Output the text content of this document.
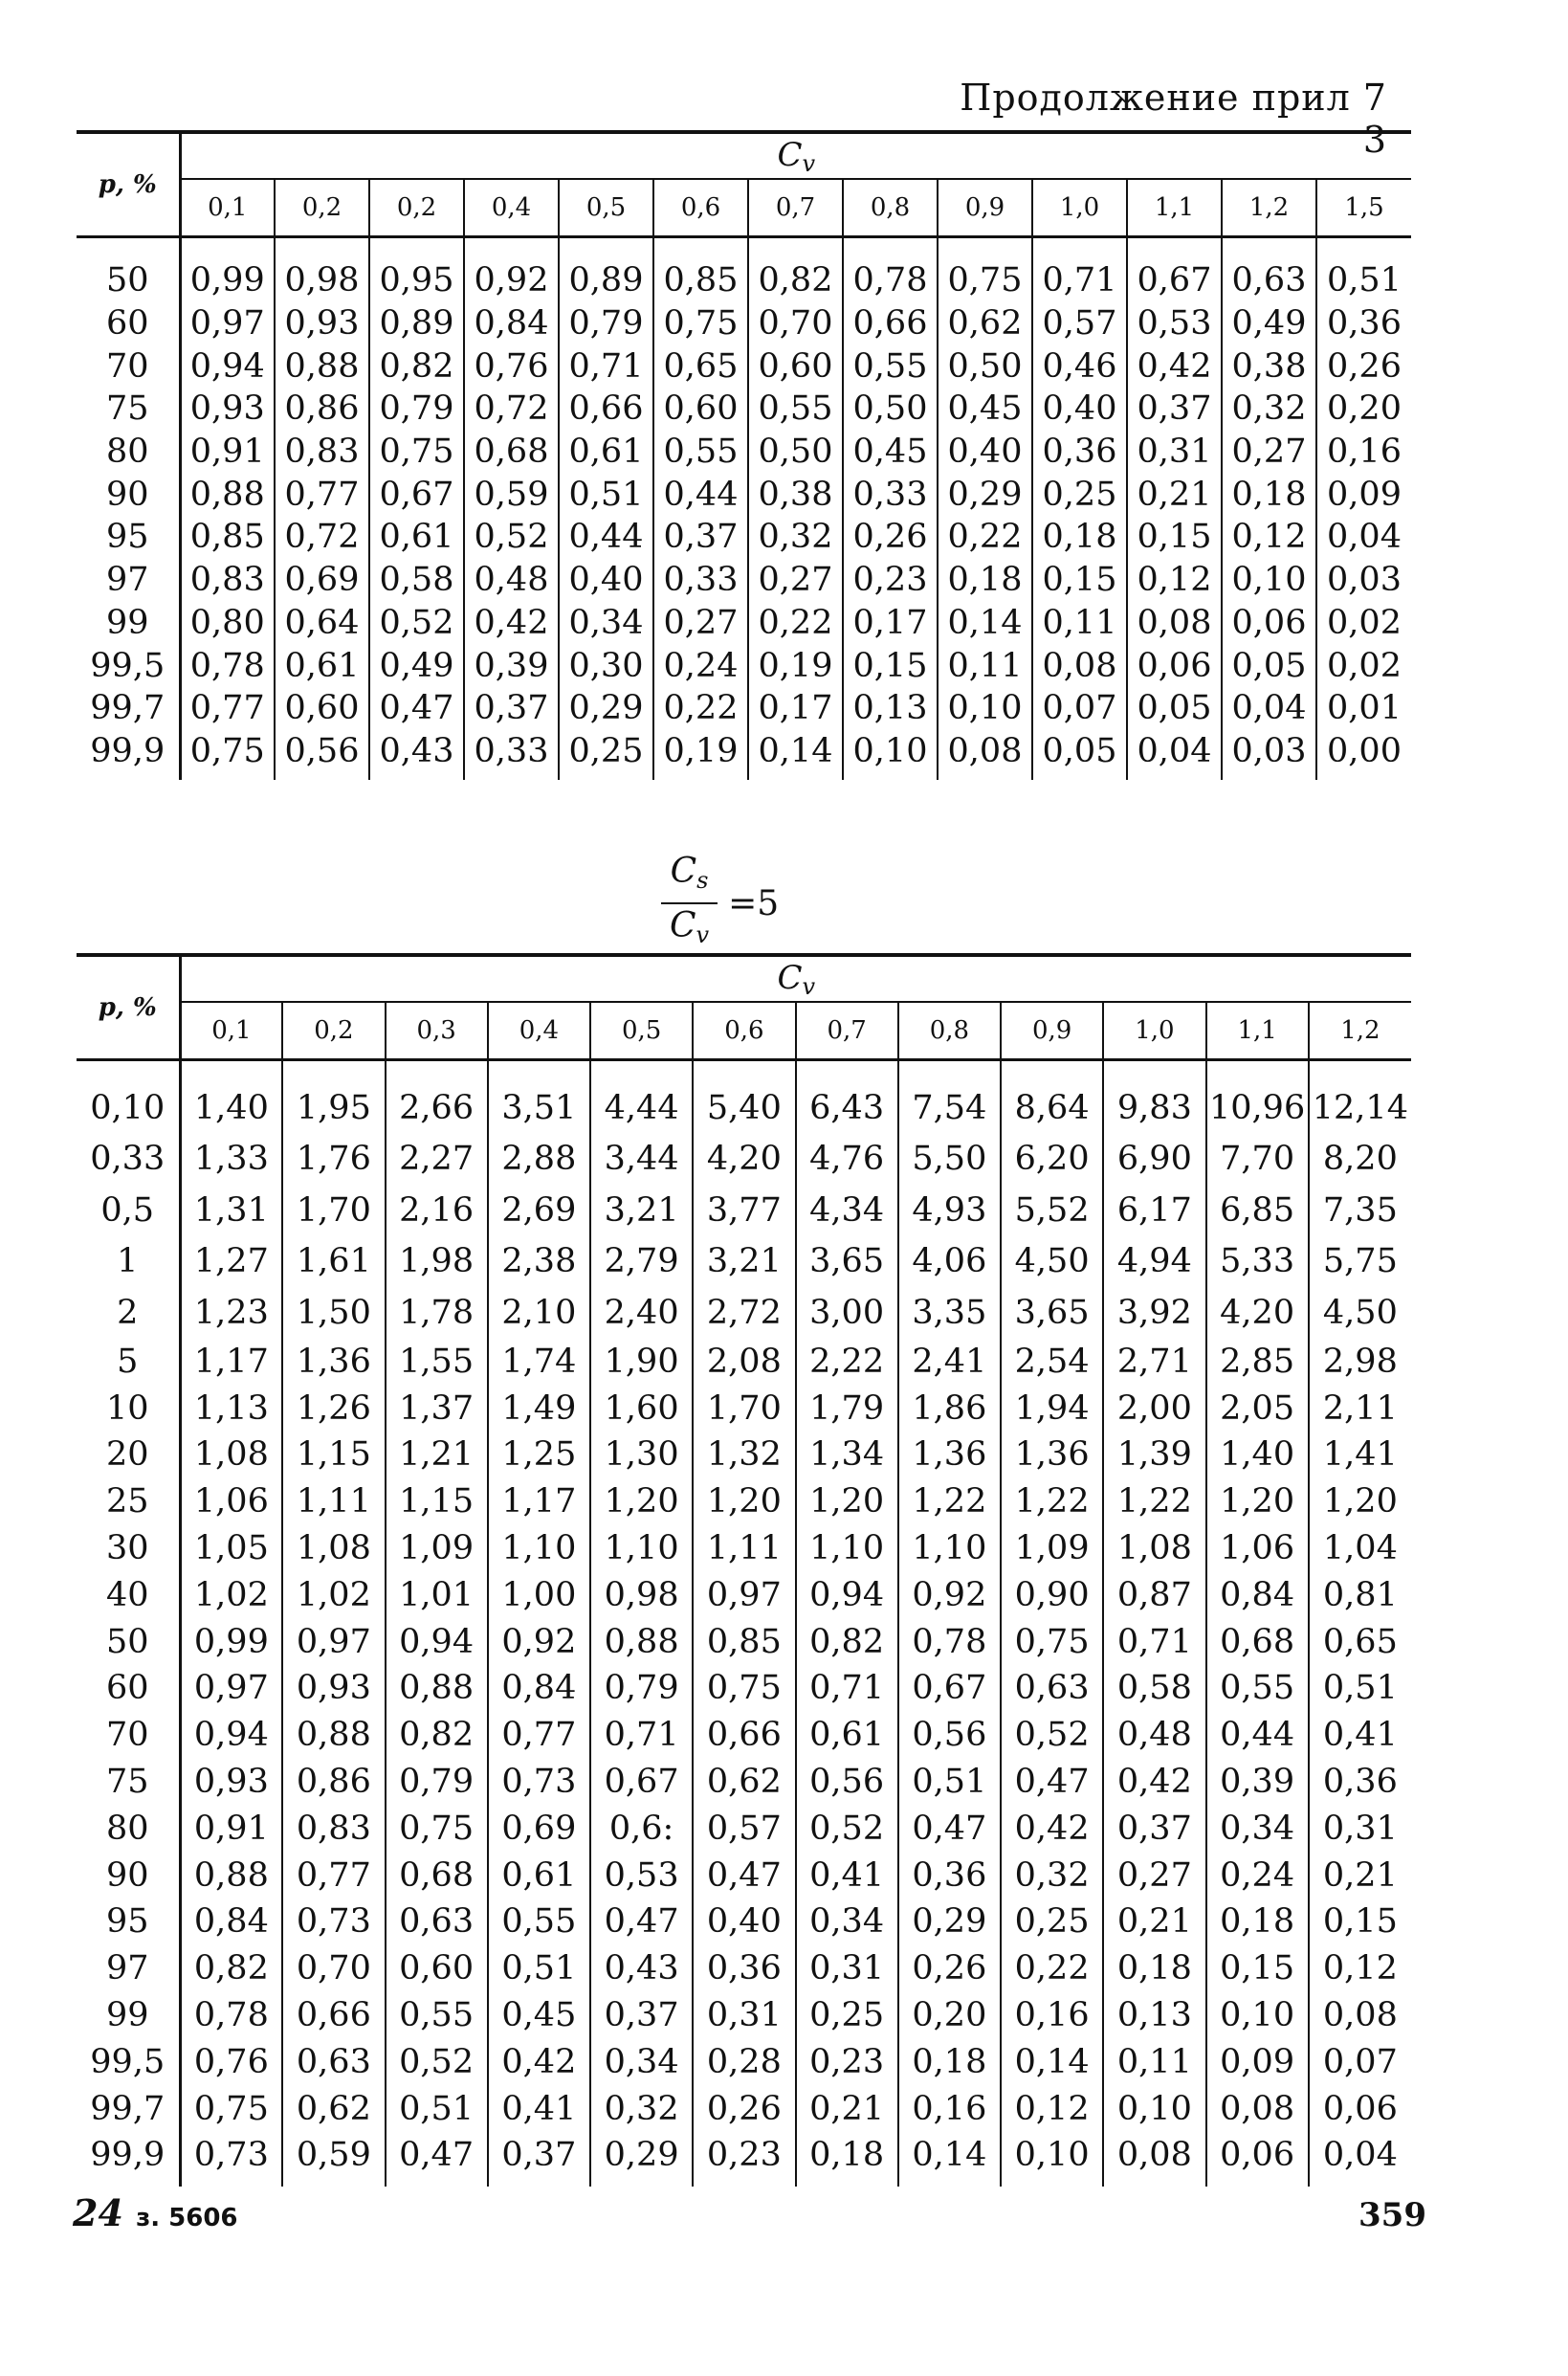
Продолжение прил 7 3
p, %	$C_v$
	0,1	0,2	0,2	0,4	0,5	0,6	0,7	0,8	0,9	1,0	1,1	1,2	1,5

50	0,99	0,98	0,95	0,92	0,89	0,85	0,82	0,78	0,75	0,71	0,67	0,63	0,51
60	0,97	0,93	0,89	0,84	0,79	0,75	0,70	0,66	0,62	0,57	0,53	0,49	0,36
70	0,94	0,88	0,82	0,76	0,71	0,65	0,60	0,55	0,50	0,46	0,42	0,38	0,26
75	0,93	0,86	0,79	0,72	0,66	0,60	0,55	0,50	0,45	0,40	0,37	0,32	0,20
80	0,91	0,83	0,75	0,68	0,61	0,55	0,50	0,45	0,40	0,36	0,31	0,27	0,16
90	0,88	0,77	0,67	0,59	0,51	0,44	0,38	0,33	0,29	0,25	0,21	0,18	0,09
95	0,85	0,72	0,61	0,52	0,44	0,37	0,32	0,26	0,22	0,18	0,15	0,12	0,04
97	0,83	0,69	0,58	0,48	0,40	0,33	0,27	0,23	0,18	0,15	0,12	0,10	0,03
99	0,80	0,64	0,52	0,42	0,34	0,27	0,22	0,17	0,14	0,11	0,08	0,06	0,02
99,5	0,78	0,61	0,49	0,39	0,30	0,24	0,19	0,15	0,11	0,08	0,06	0,05	0,02
99,7	0,77	0,60	0,47	0,37	0,29	0,22	0,17	0,13	0,10	0,07	0,05	0,04	0,01
99,9	0,75	0,56	0,43	0,33	0,25	0,19	0,14	0,10	0,08	0,05	0,04	0,03	0,00
$\frac{C_s}{C_v} =5$
p, %	$C_v$
	0,1	0,2	0,3	0,4	0,5	0,6	0,7	0,8	0,9	1,0	1,1	1,2

0,10	1,40	1,95	2,66	3,51	4,44	5,40	6,43	7,54	8,64	9,83	10,96	12,14
0,33	1,33	1,76	2,27	2,88	3,44	4,20	4,76	5,50	6,20	6,90	7,70	8,20
0,5	1,31	1,70	2,16	2,69	3,21	3,77	4,34	4,93	5,52	6,17	6,85	7,35
1	1,27	1,61	1,98	2,38	2,79	3,21	3,65	4,06	4,50	4,94	5,33	5,75
2	1,23	1,50	1,78	2,10	2,40	2,72	3,00	3,35	3,65	3,92	4,20	4,50
5	1,17	1,36	1,55	1,74	1,90	2,08	2,22	2,41	2,54	2,71	2,85	2,98
10	1,13	1,26	1,37	1,49	1,60	1,70	1,79	1,86	1,94	2,00	2,05	2,11
20	1,08	1,15	1,21	1,25	1,30	1,32	1,34	1,36	1,36	1,39	1,40	1,41
25	1,06	1,11	1,15	1,17	1,20	1,20	1,20	1,22	1,22	1,22	1,20	1,20
30	1,05	1,08	1,09	1,10	1,10	1,11	1,10	1,10	1,09	1,08	1,06	1,04
40	1,02	1,02	1,01	1,00	0,98	0,97	0,94	0,92	0,90	0,87	0,84	0,81
50	0,99	0,97	0,94	0,92	0,88	0,85	0,82	0,78	0,75	0,71	0,68	0,65
60	0,97	0,93	0,88	0,84	0,79	0,75	0,71	0,67	0,63	0,58	0,55	0,51
70	0,94	0,88	0,82	0,77	0,71	0,66	0,61	0,56	0,52	0,48	0,44	0,41
75	0,93	0,86	0,79	0,73	0,67	0,62	0,56	0,51	0,47	0,42	0,39	0,36
80	0,91	0,83	0,75	0,69	0,6:	0,57	0,52	0,47	0,42	0,37	0,34	0,31
90	0,88	0,77	0,68	0,61	0,53	0,47	0,41	0,36	0,32	0,27	0,24	0,21
95	0,84	0,73	0,63	0,55	0,47	0,40	0,34	0,29	0,25	0,21	0,18	0,15
97	0,82	0,70	0,60	0,51	0,43	0,36	0,31	0,26	0,22	0,18	0,15	0,12
99	0,78	0,66	0,55	0,45	0,37	0,31	0,25	0,20	0,16	0,13	0,10	0,08
99,5	0,76	0,63	0,52	0,42	0,34	0,28	0,23	0,18	0,14	0,11	0,09	0,07
99,7	0,75	0,62	0,51	0,41	0,32	0,26	0,21	0,16	0,12	0,10	0,08	0,06
99,9	0,73	0,59	0,47	0,37	0,29	0,23	0,18	0,14	0,10	0,08	0,06	0,04
24 з. 5606	359
